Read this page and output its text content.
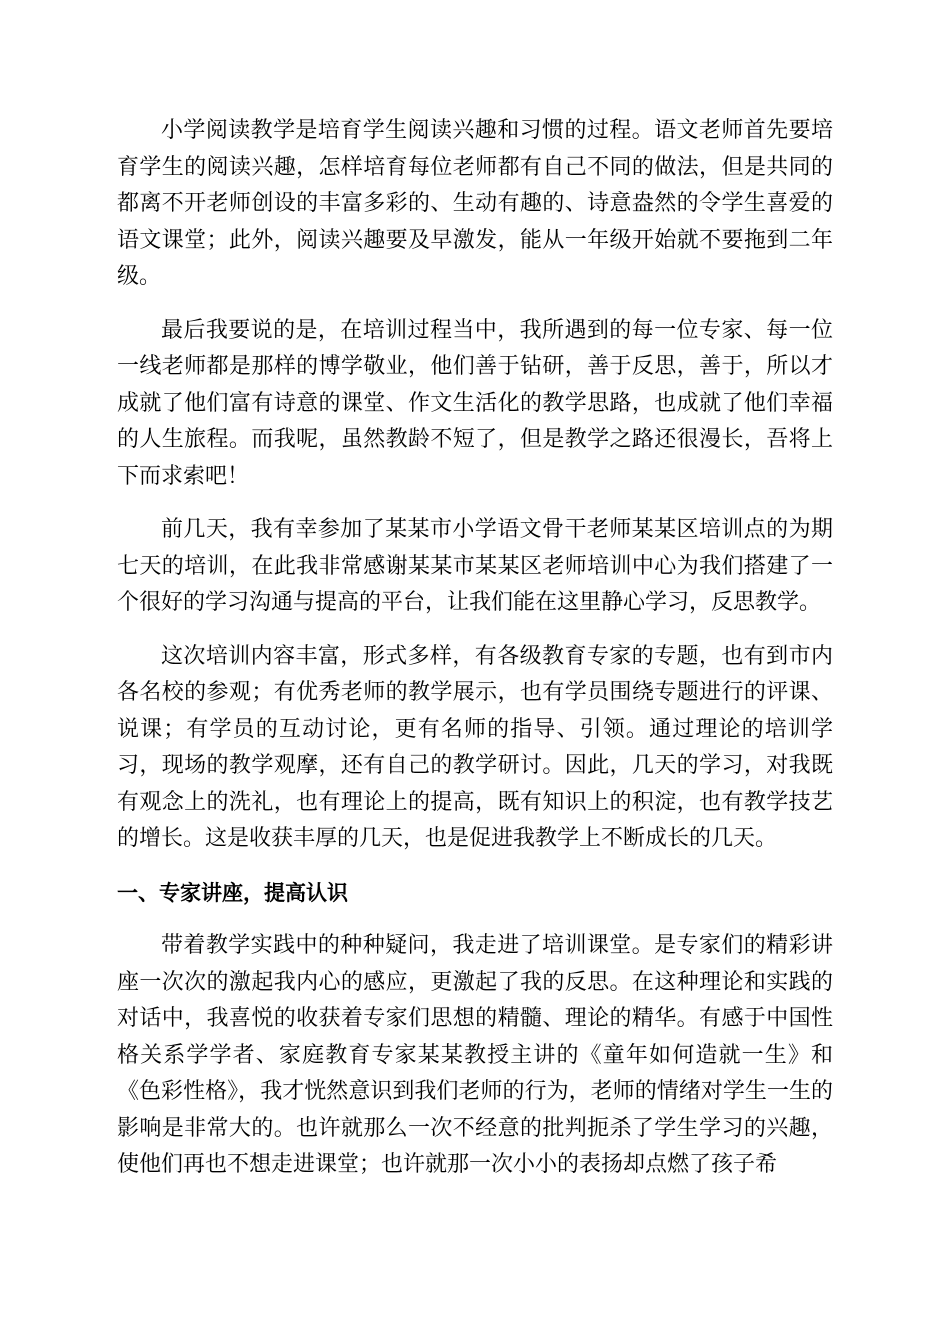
小学阅读教学是培育学生阅读兴趣和习惯的过程。语文老师首先要培育学生的阅读兴趣，怎样培育每位老师都有自己不同的做法，但是共同的都离不开老师创设的丰富多彩的、生动有趣的、诗意盎然的令学生喜爱的语文课堂；此外，阅读兴趣要及早激发，能从一年级开始就不要拖到二年级。

最后我要说的是，在培训过程当中，我所遇到的每一位专家、每一位一线老师都是那样的博学敬业，他们善于钻研，善于反思，善于，所以才成就了他们富有诗意的课堂、作文生活化的教学思路，也成就了他们幸福的人生旅程。而我呢，虽然教龄不短了，但是教学之路还很漫长，吾将上下而求索吧！

前几天，我有幸参加了某某市小学语文骨干老师某某区培训点的为期七天的培训，在此我非常感谢某某市某某区老师培训中心为我们搭建了一个很好的学习沟通与提高的平台，让我们能在这里静心学习，反思教学。

这次培训内容丰富，形式多样，有各级教育专家的专题，也有到市内各名校的参观；有优秀老师的教学展示，也有学员围绕专题进行的评课、说课；有学员的互动讨论，更有名师的指导、引领。通过理论的培训学习，现场的教学观摩，还有自己的教学研讨。因此，几天的学习，对我既有观念上的洗礼，也有理论上的提高，既有知识上的积淀，也有教学技艺的增长。这是收获丰厚的几天，也是促进我教学上不断成长的几天。

一、专家讲座，提高认识

带着教学实践中的种种疑问，我走进了培训课堂。是专家们的精彩讲座一次次的激起我内心的感应，更激起了我的反思。在这种理论和实践的对话中，我喜悦的收获着专家们思想的精髓、理论的精华。有感于中国性格关系学学者、家庭教育专家某某教授主讲的《童年如何造就一生》和《色彩性格》，我才恍然意识到我们老师的行为，老师的情绪对学生一生的影响是非常大的。也许就那么一次不经意的批判扼杀了学生学习的兴趣，使他们再也不想走进课堂；也许就那一次小小的表扬却点燃了孩子希
